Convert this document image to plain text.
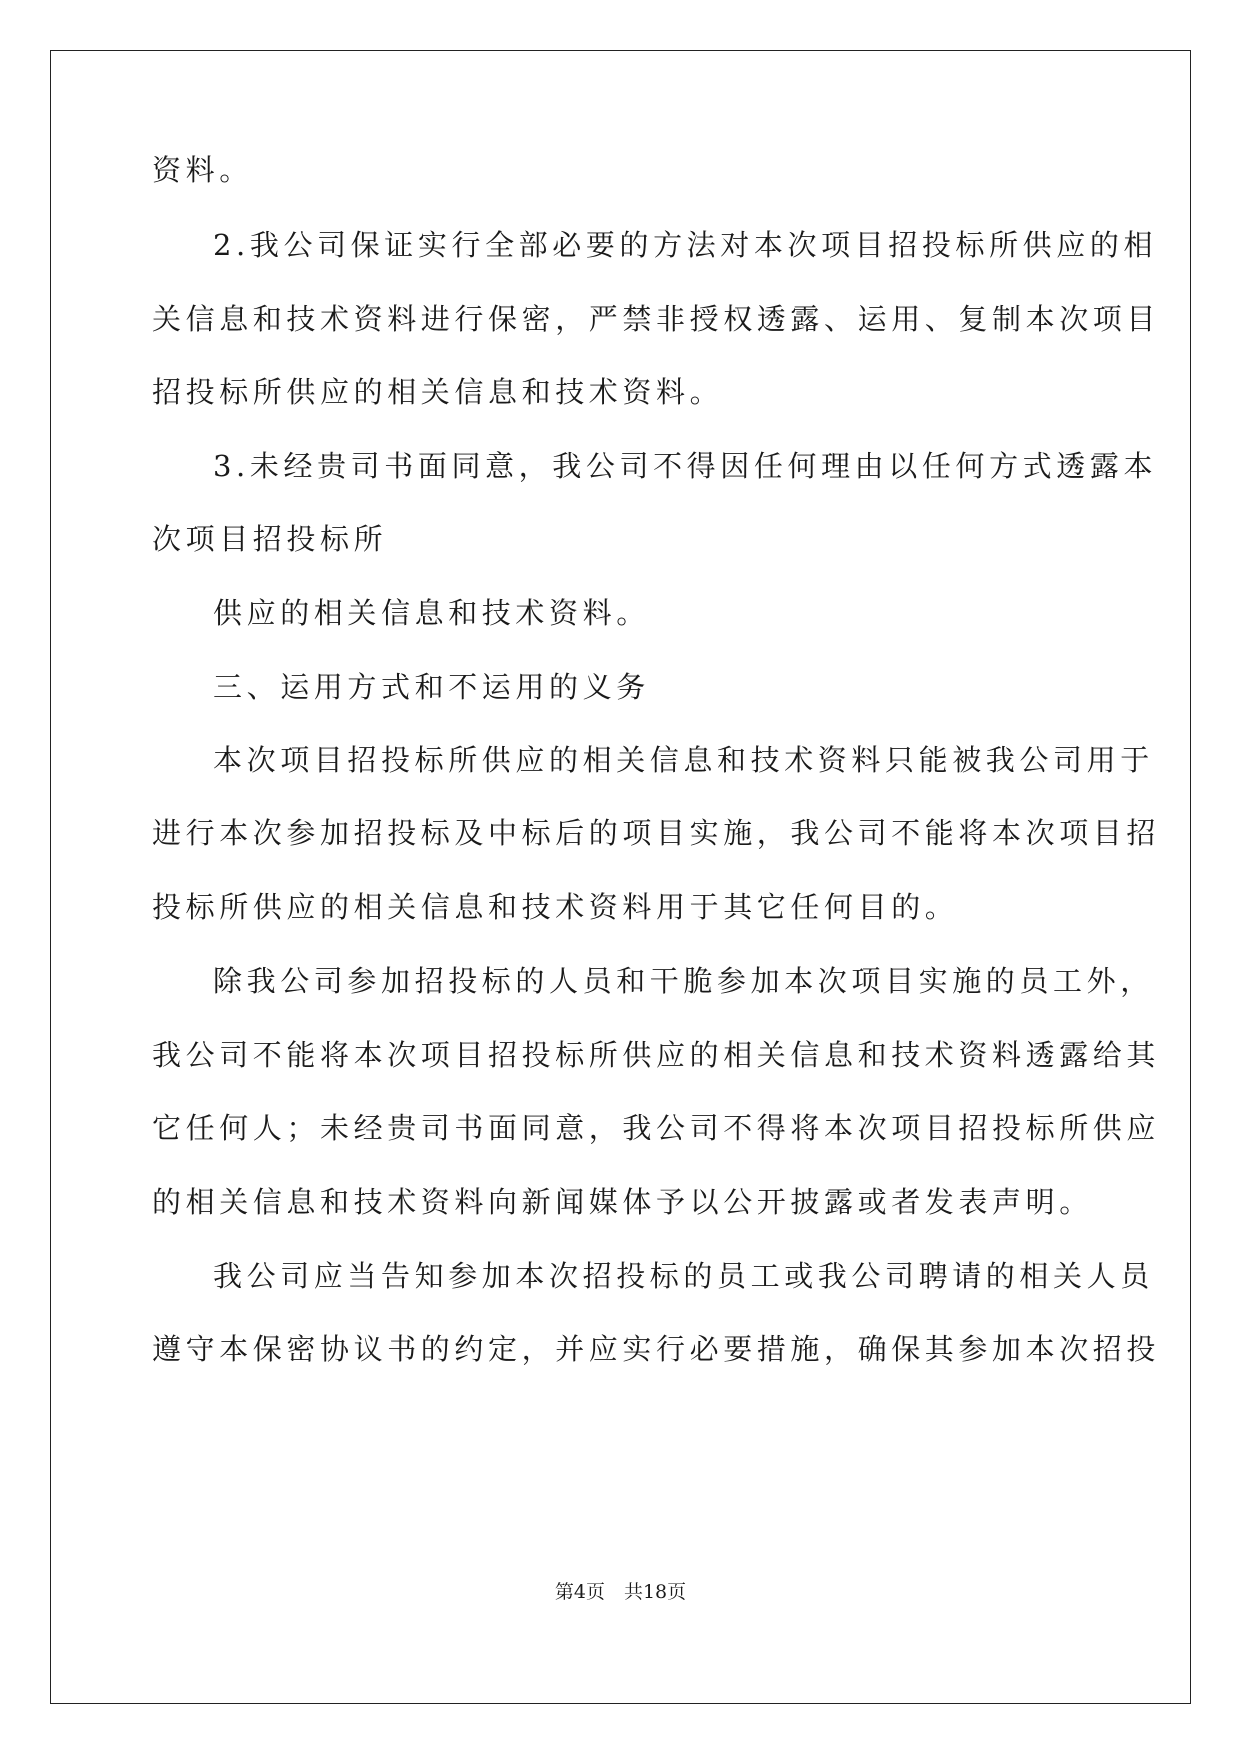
资料。
2.我公司保证实行全部必要的方法对本次项目招投标所供应的相
关信息和技术资料进行保密，严禁非授权透露、运用、复制本次项目
招投标所供应的相关信息和技术资料。
3.未经贵司书面同意，我公司不得因任何理由以任何方式透露本
次项目招投标所
供应的相关信息和技术资料。
三、运用方式和不运用的义务
本次项目招投标所供应的相关信息和技术资料只能被我公司用于
进行本次参加招投标及中标后的项目实施，我公司不能将本次项目招
投标所供应的相关信息和技术资料用于其它任何目的。
除我公司参加招投标的人员和干脆参加本次项目实施的员工外，
我公司不能将本次项目招投标所供应的相关信息和技术资料透露给其
它任何人；未经贵司书面同意，我公司不得将本次项目招投标所供应
的相关信息和技术资料向新闻媒体予以公开披露或者发表声明。
我公司应当告知参加本次招投标的员工或我公司聘请的相关人员
遵守本保密协议书的约定，并应实行必要措施，确保其参加本次招投
第4页　共18页
